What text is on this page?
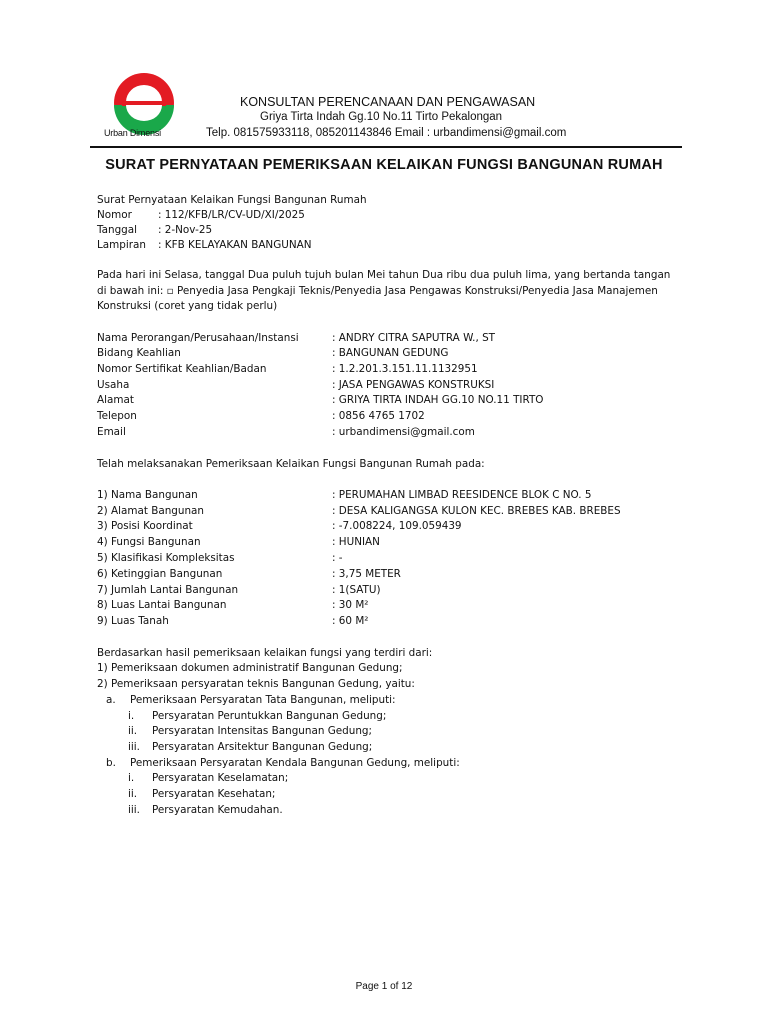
Urban Dimensi
KONSULTAN PERENCANAAN DAN PENGAWASAN
Griya Tirta Indah Gg.10 No.11 Tirto Pekalongan
Telp. 081575933118, 085201143846 Email : urbandimensi@gmail.com
SURAT PERNYATAAN PEMERIKSAAN KELAIKAN FUNGSI BANGUNAN RUMAH
Surat Pernyataan Kelaikan Fungsi Bangunan Rumah
Nomor	: 112/KFB/LR/CV-UD/XI/2025
Tanggal : 2-Nov-25
Lampiran : KFB KELAYAKAN BANGUNAN
Pada hari ini Selasa, tanggal Dua puluh tujuh bulan Mei tahun Dua ribu dua puluh lima, yang bertanda tangan
di bawah ini: ▫ Penyedia Jasa Pengkaji Teknis/Penyedia Jasa Pengawas Konstruksi/Penyedia Jasa Manajemen
Konstruksi (coret yang tidak perlu)
Nama Perorangan/Perusahaan/Instansi	: ANDRY CITRA SAPUTRA W., ST
Bidang Keahlian	: BANGUNAN GEDUNG
Nomor Sertifikat Keahlian/Badan	: 1.2.201.3.151.11.1132951
Usaha	: JASA PENGAWAS KONSTRUKSI
Alamat	: GRIYA TIRTA INDAH GG.10 NO.11 TIRTO
Telepon	: 0856 4765 1702
Email	: urbandimensi@gmail.com
Telah melaksanakan Pemeriksaan Kelaikan Fungsi Bangunan Rumah pada:
1) Nama Bangunan	: PERUMAHAN LIMBAD REESIDENCE BLOK C NO. 5
2) Alamat Bangunan	: DESA KALIGANGSA KULON KEC. BREBES KAB. BREBES
3) Posisi Koordinat	: -7.008224, 109.059439
4) Fungsi Bangunan	: HUNIAN
5) Klasifikasi Kompleksitas	: -
6) Ketinggian Bangunan	: 3,75 METER
7) Jumlah Lantai Bangunan	: 1(SATU)
8) Luas Lantai Bangunan	: 30 M²
9) Luas Tanah	: 60 M²
Berdasarkan hasil pemeriksaan kelaikan fungsi yang terdiri dari:
1) Pemeriksaan dokumen administratif Bangunan Gedung;
2) Pemeriksaan persyaratan teknis Bangunan Gedung, yaitu:
a. Pemeriksaan Persyaratan Tata Bangunan, meliputi:
i. Persyaratan Peruntukkan Bangunan Gedung;
ii. Persyaratan Intensitas Bangunan Gedung;
iii. Persyaratan Arsitektur Bangunan Gedung;
b. Pemeriksaan Persyaratan Kendala Bangunan Gedung, meliputi:
i. Persyaratan Keselamatan;
ii. Persyaratan Kesehatan;
iii. Persyaratan Kemudahan.
Page 1 of 12
